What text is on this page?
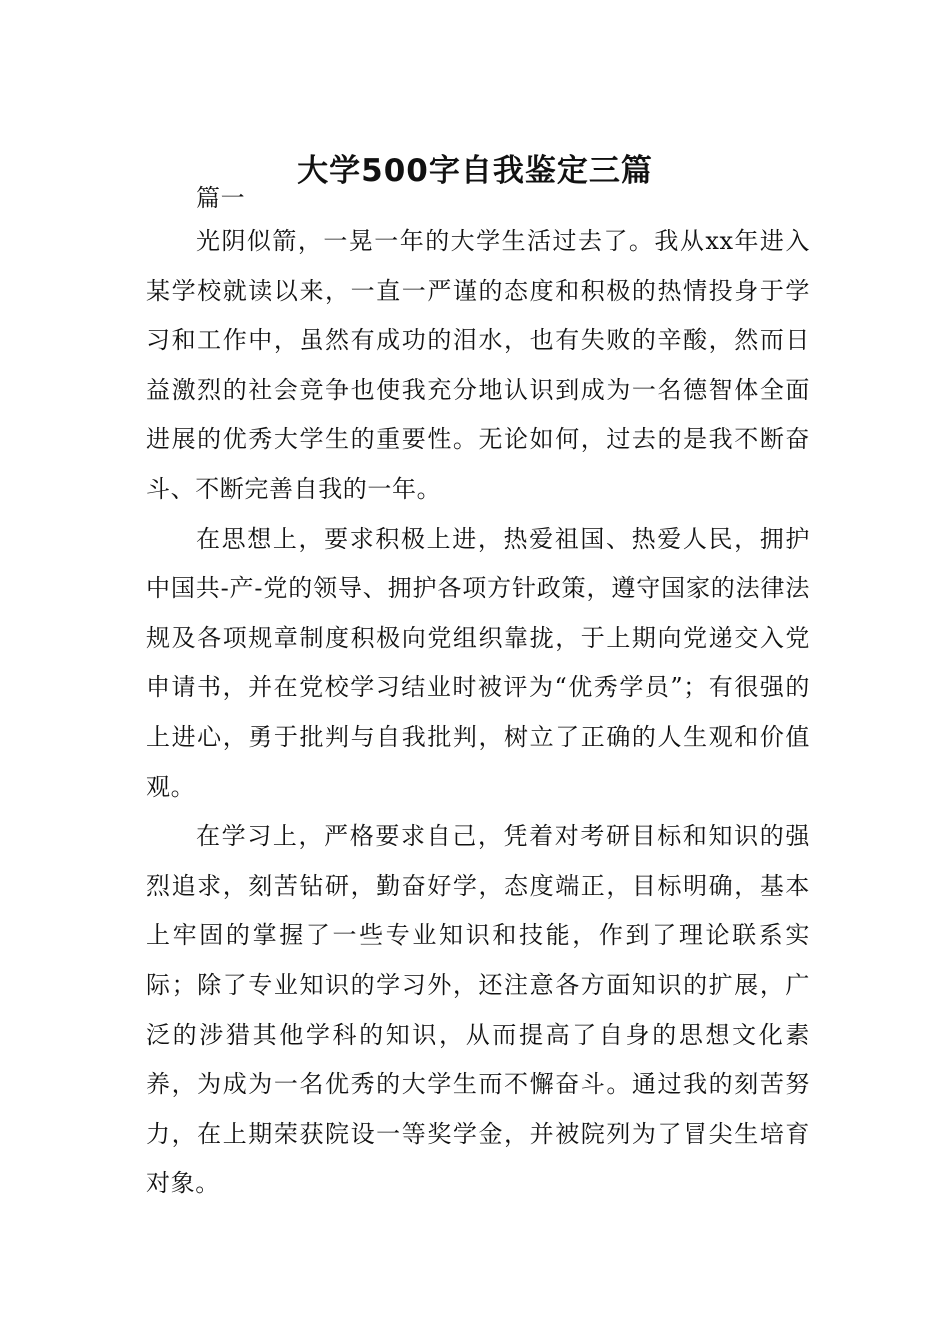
大学500字自我鉴定三篇

篇一

光阴似箭，一晃一年的大学生活过去了。我从xx年进入某学校就读以来，一直一严谨的态度和积极的热情投身于学习和工作中，虽然有成功的泪水，也有失败的辛酸，然而日益激烈的社会竞争也使我充分地认识到成为一名德智体全面进展的优秀大学生的重要性。无论如何，过去的是我不断奋斗、不断完善自我的一年。

在思想上，要求积极上进，热爱祖国、热爱人民，拥护中国共-产-党的领导、拥护各项方针政策，遵守国家的法律法规及各项规章制度积极向党组织靠拢，于上期向党递交入党申请书，并在党校学习结业时被评为“优秀学员”；有很强的上进心，勇于批判与自我批判，树立了正确的人生观和价值观。

在学习上，严格要求自己，凭着对考研目标和知识的强烈追求，刻苦钻研，勤奋好学，态度端正，目标明确，基本上牢固的掌握了一些专业知识和技能，作到了理论联系实际；除了专业知识的学习外，还注意各方面知识的扩展，广泛的涉猎其他学科的知识，从而提高了自身的思想文化素养，为成为一名优秀的大学生而不懈奋斗。通过我的刻苦努力，在上期荣获院设一等奖学金，并被院列为了冒尖生培育对象。
